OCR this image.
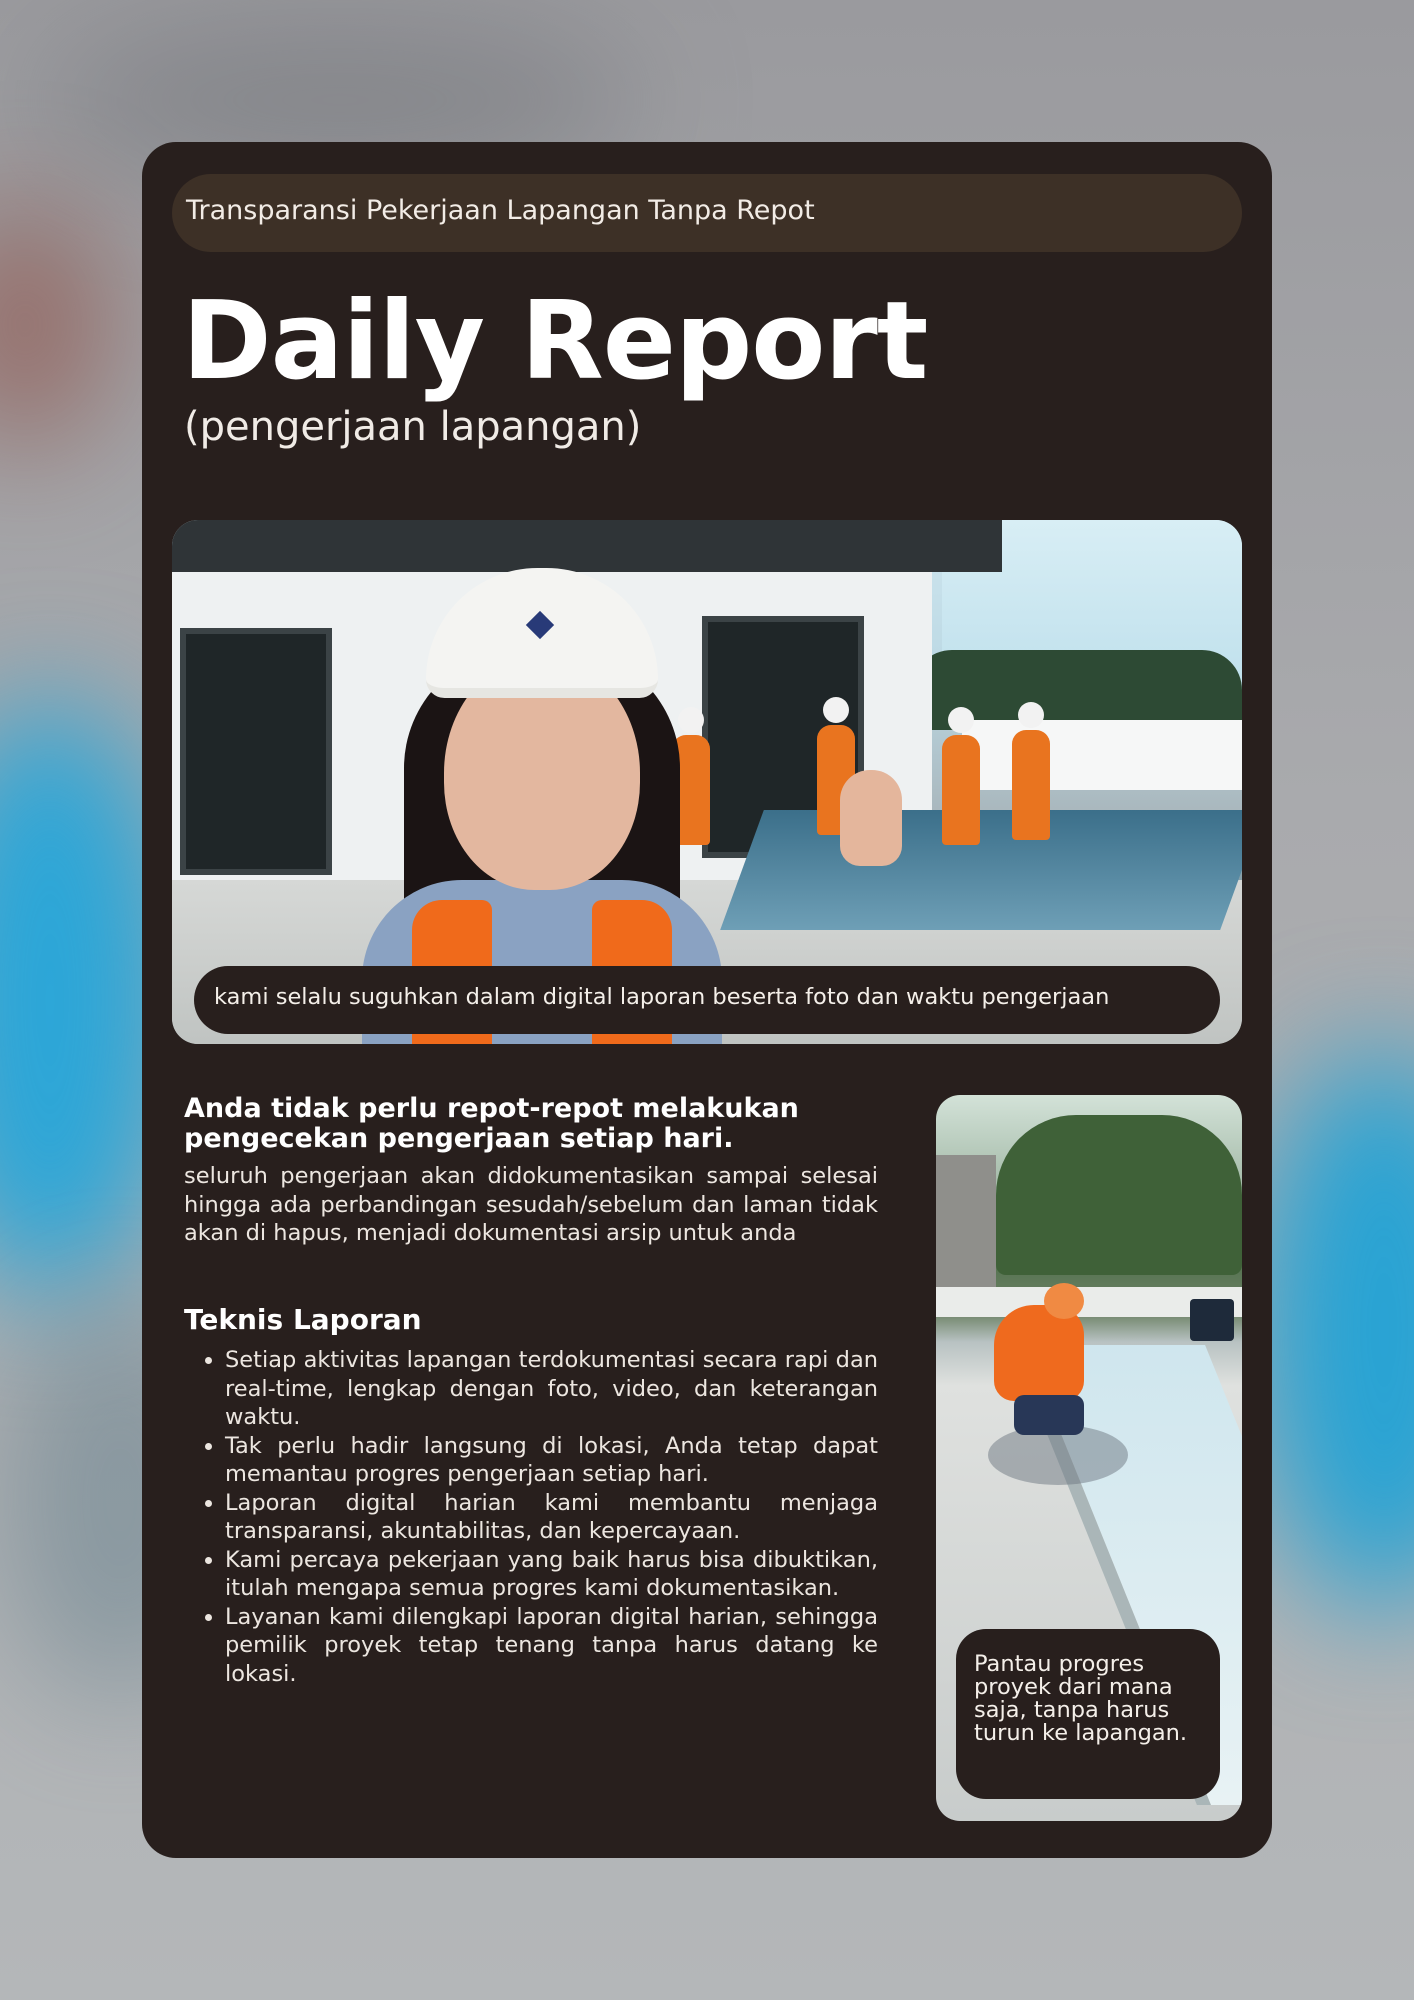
Transparansi Pekerjaan Lapangan Tanpa Repot
Daily Report
(pengerjaan lapangan)
kami selalu suguhkan dalam digital laporan beserta foto dan waktu pengerjaan
Anda tidak perlu repot-repot melakukan pengecekan pengerjaan setiap hari.
seluruh pengerjaan akan didokumentasikan sampai selesai hingga ada perbandingan sesudah/sebelum dan laman tidak akan di hapus, menjadi dokumentasi arsip untuk anda
Teknis Laporan
• Setiap aktivitas lapangan terdokumentasi secara rapi dan real-time, lengkap dengan foto, video, dan keterangan waktu.
• Tak perlu hadir langsung di lokasi, Anda tetap dapat memantau progres pengerjaan setiap hari.
• Laporan digital harian kami membantu menjaga transparansi, akuntabilitas, dan kepercayaan.
• Kami percaya pekerjaan yang baik harus bisa dibuktikan, itulah mengapa semua progres kami dokumentasikan.
• Layanan kami dilengkapi laporan digital harian, sehingga pemilik proyek tetap tenang tanpa harus datang ke lokasi.	Pantau progres proyek dari mana saja, tanpa harus turun ke lapangan.
